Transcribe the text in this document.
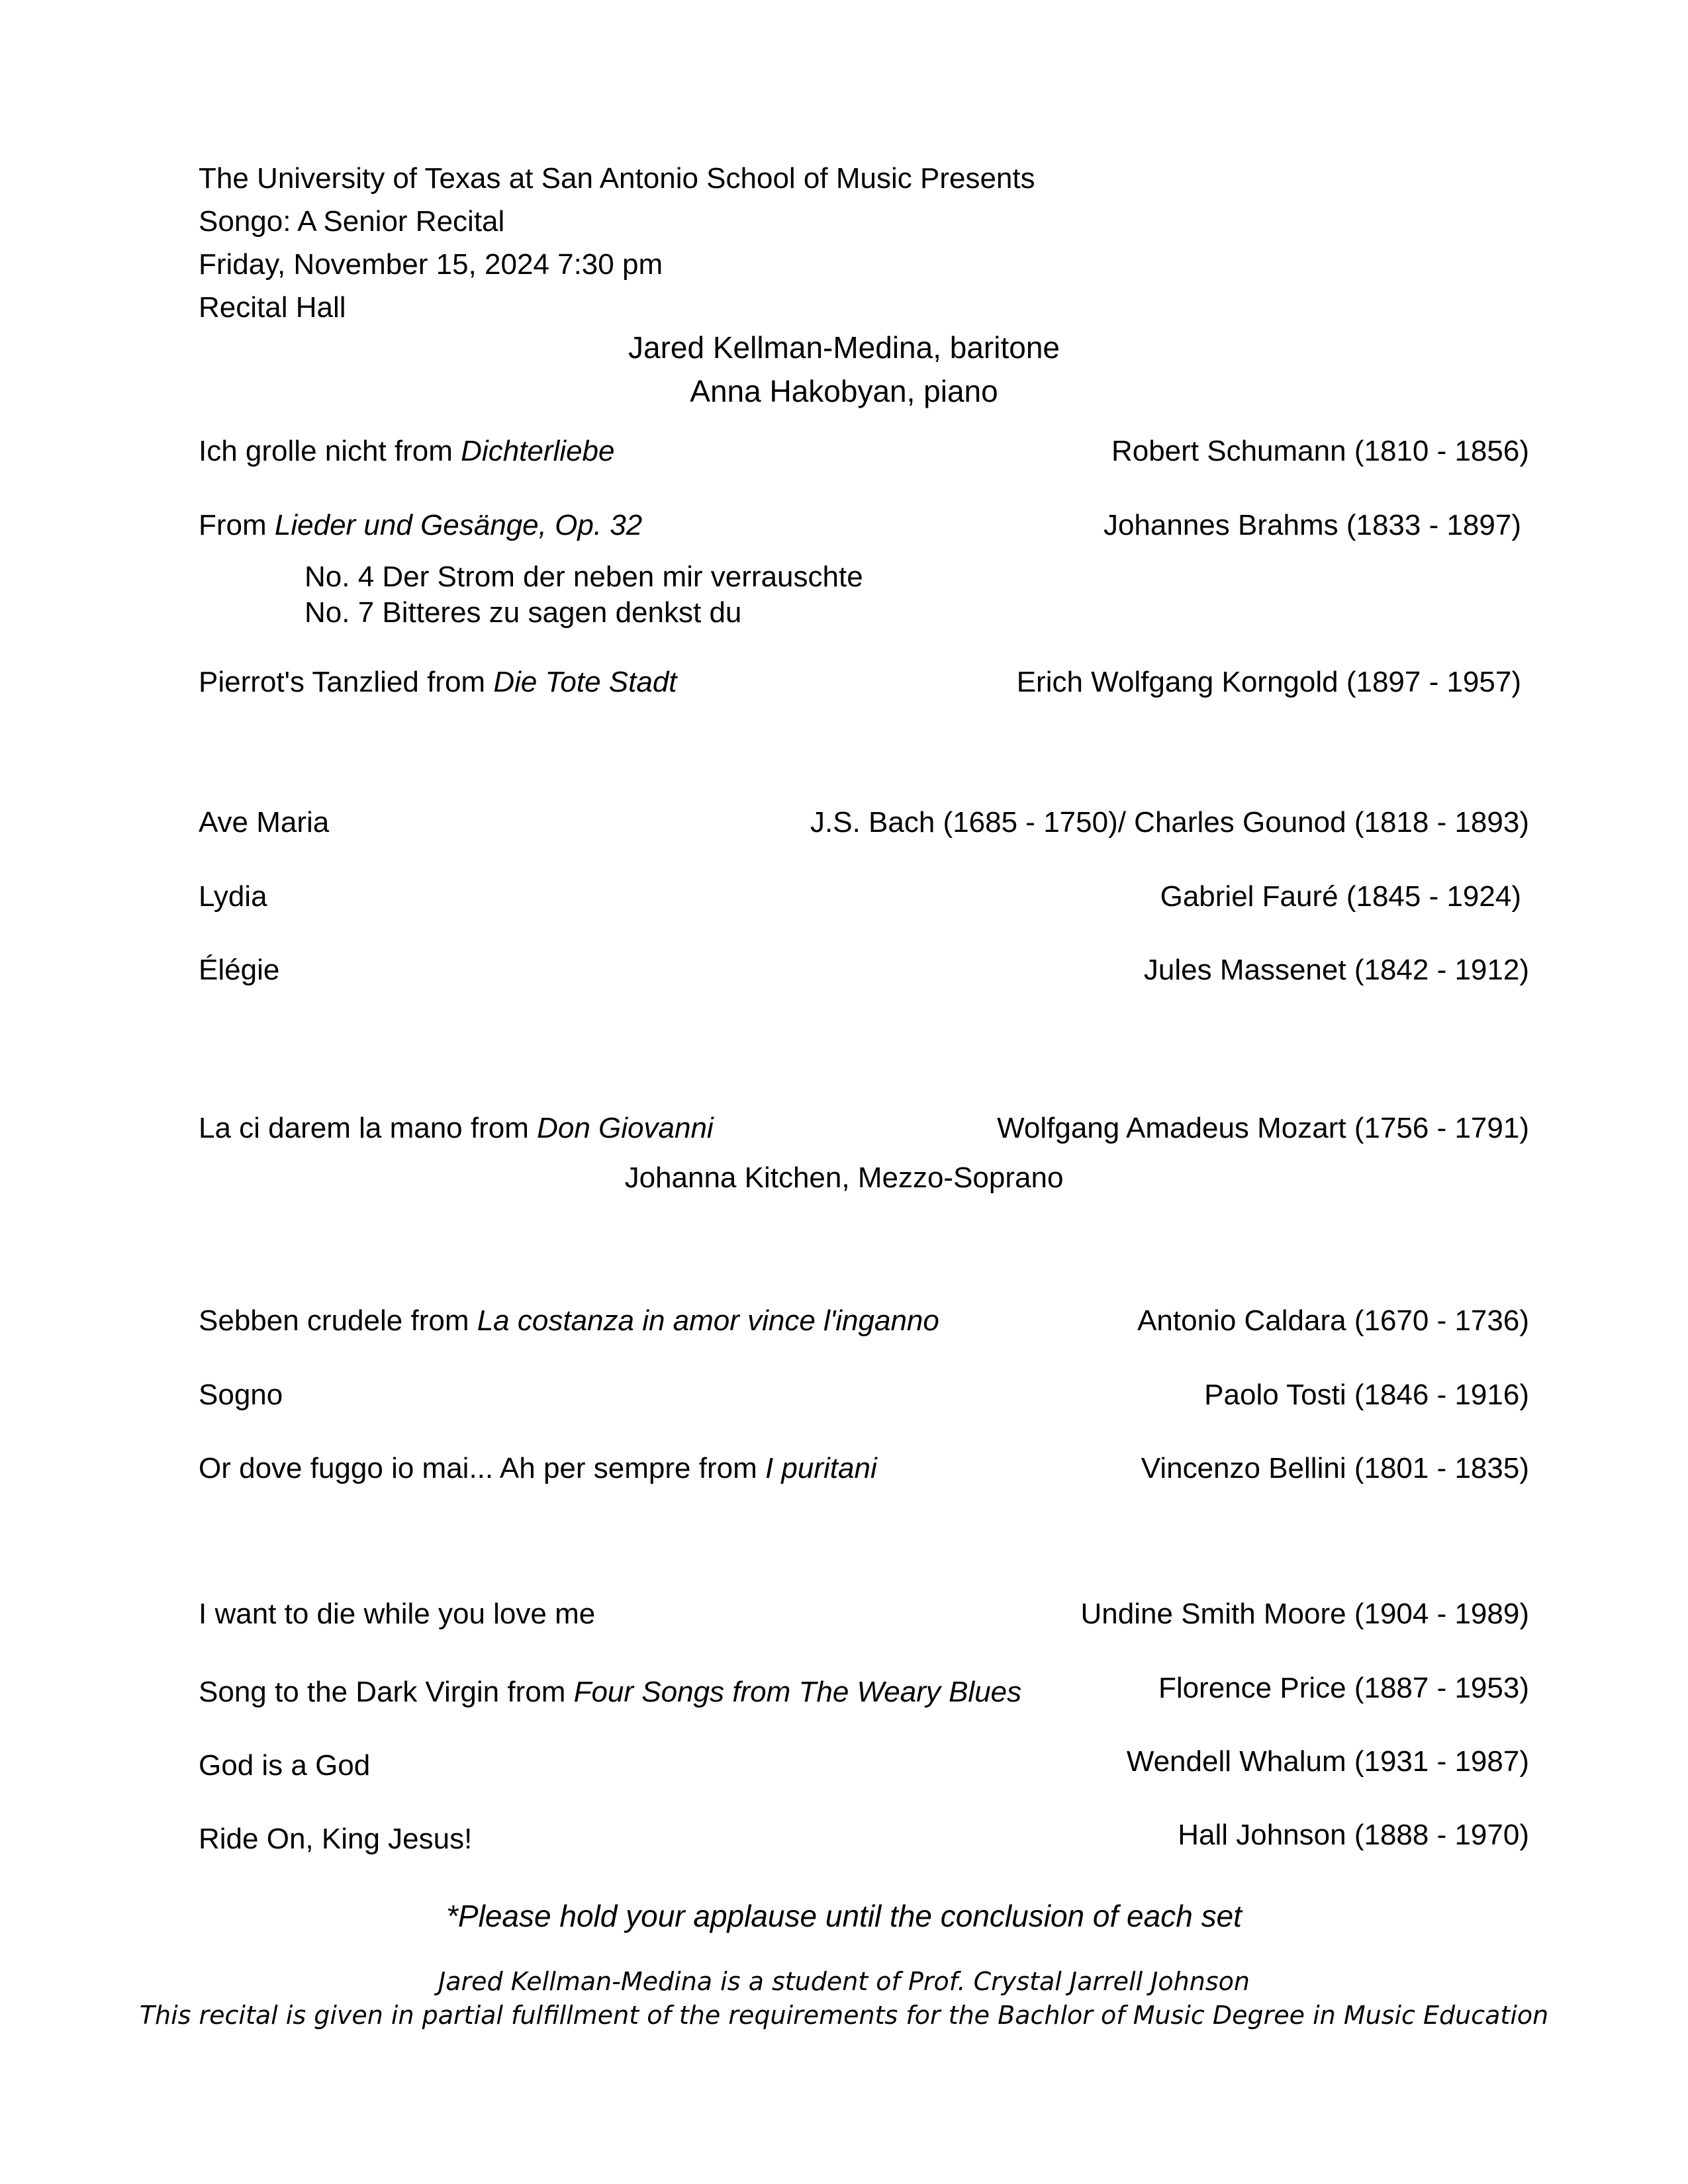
The University of Texas at San Antonio School of Music Presents
Songo: A Senior Recital
Friday, November 15, 2024 7:30 pm
Recital Hall
Jared Kellman-Medina, baritone
Anna Hakobyan, piano
Ich grolle nicht from Dichterliebe	Robert Schumann (1810 - 1856)
From Lieder und Gesänge, Op. 32	Johannes Brahms (1833 - 1897)
No. 4 Der Strom der neben mir verrauschte
No. 7 Bitteres zu sagen denkst du
Pierrot's Tanzlied from Die Tote Stadt	Erich Wolfgang Korngold (1897 - 1957)
Ave Maria	J.S. Bach (1685 - 1750)/ Charles Gounod (1818 - 1893)
Lydia	Gabriel Fauré (1845 - 1924)
Élégie	Jules Massenet (1842 - 1912)
La ci darem la mano from Don Giovanni	Wolfgang Amadeus Mozart (1756 - 1791)
Johanna Kitchen, Mezzo-Soprano
Sebben crudele from La costanza in amor vince l'inganno	Antonio Caldara (1670 - 1736)
Sogno	Paolo Tosti (1846 - 1916)
Or dove fuggo io mai... Ah per sempre from I puritani	Vincenzo Bellini (1801 - 1835)
I want to die while you love me	Undine Smith Moore (1904 - 1989)
Song to the Dark Virgin from Four Songs from The Weary Blues	Florence Price (1887 - 1953)
God is a God	Wendell Whalum (1931 - 1987)
Ride On, King Jesus!	Hall Johnson (1888 - 1970)
*Please hold your applause until the conclusion of each set
Jared Kellman-Medina is a student of Prof. Crystal Jarrell Johnson
This recital is given in partial fulfillment of the requirements for the Bachlor of Music Degree in Music Education
